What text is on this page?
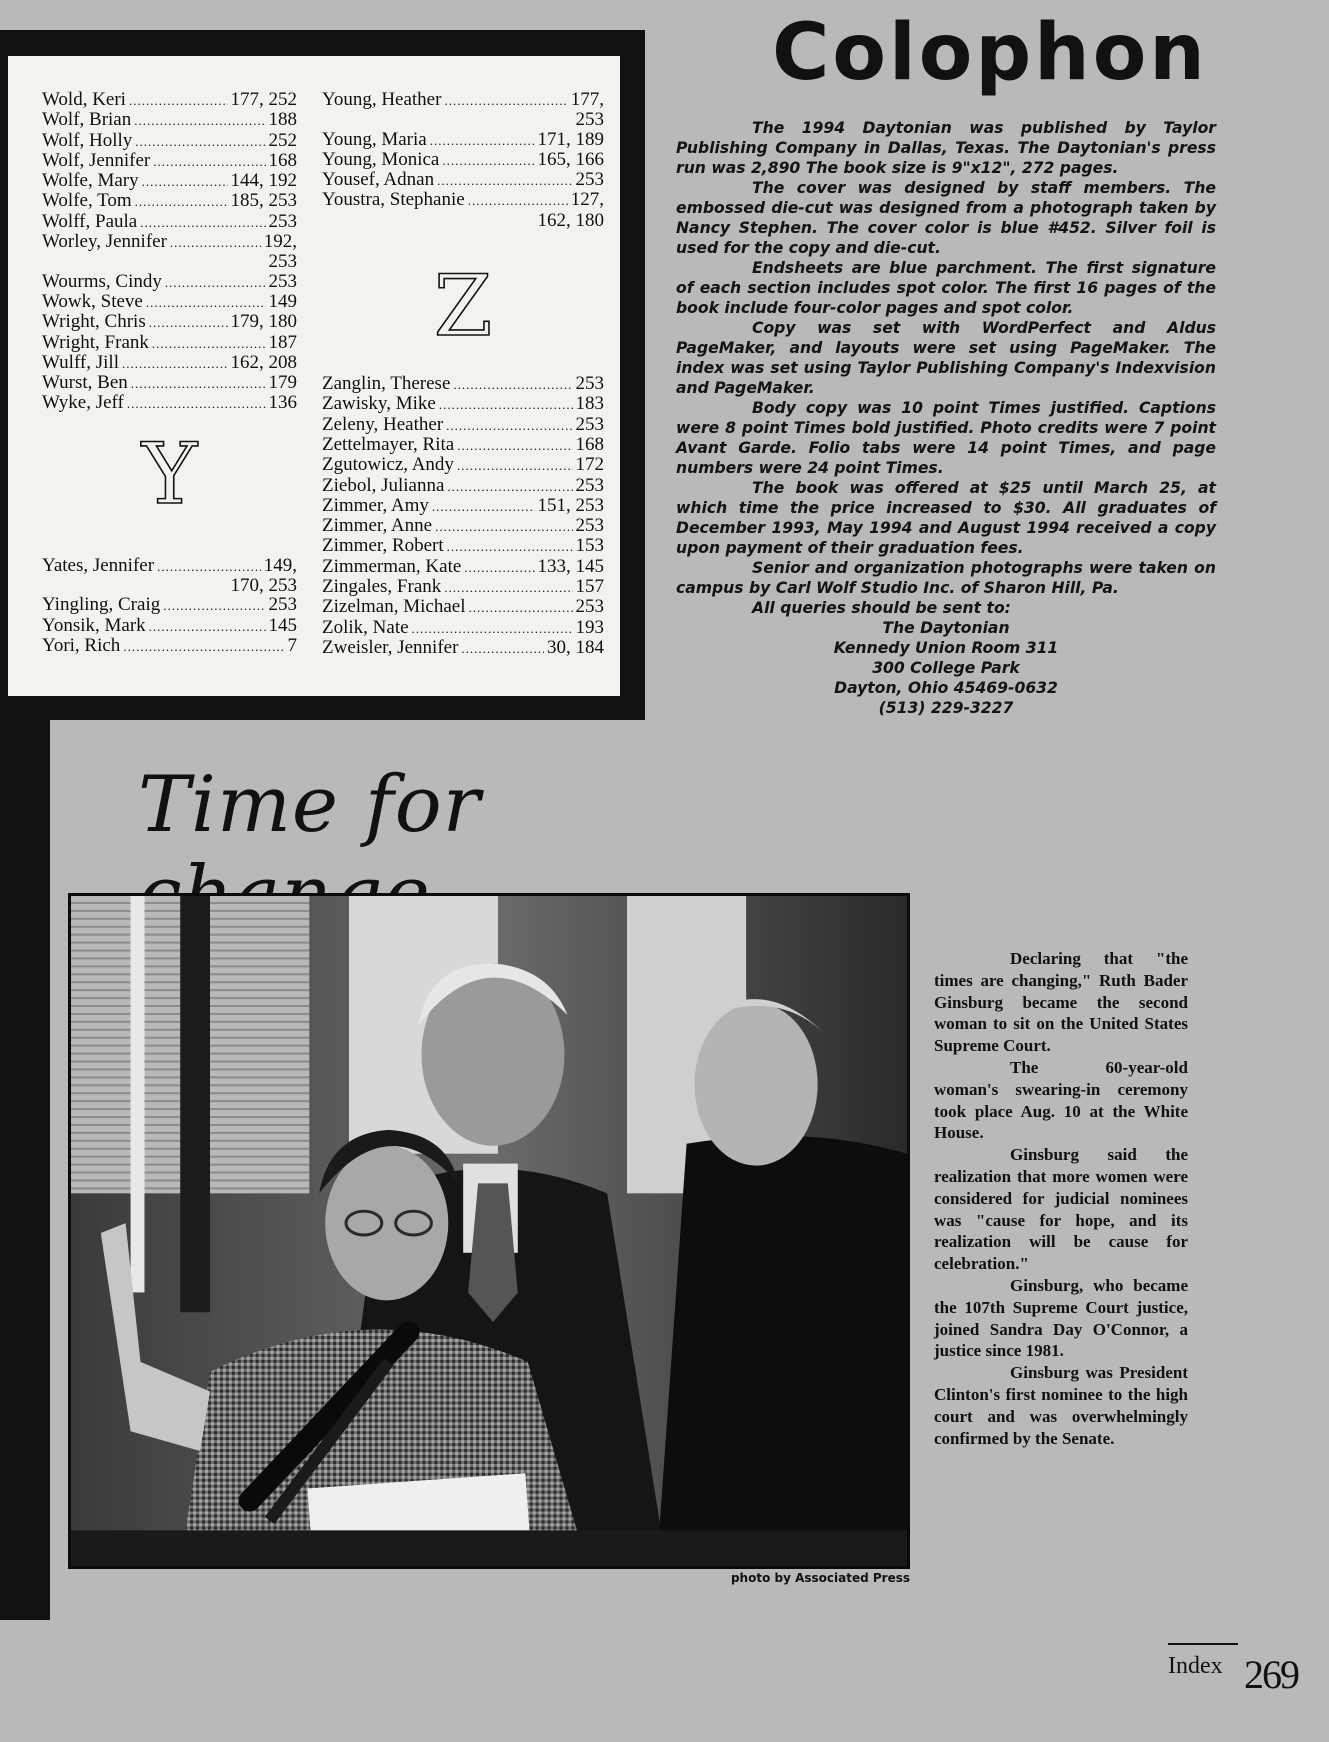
Wold, Keri .....	177, 252
Wolf, Brian .....	188
Wolf, Holly .....	252
Wolf, Jennifer .....	168
Wolfe, Mary .....	144, 192
Wolfe, Tom .....	185, 253
Wolff, Paula .....	253
Worley, Jennifer .....	192,
253
Wourms, Cindy .....	253
Wowk, Steve .....	149
Wright, Chris .....	179, 180
Wright, Frank .....	187
Wulff, Jill .....	162, 208
Wurst, Ben .....	179
Wyke, Jeff .....	136
Y
Yates, Jennifer .....	149,
170, 253
Yingling, Craig .....	253
Yonsik, Mark .....	145
Yori, Rich .....	7
Young, Heather .....	177,
253
Young, Maria .....	171, 189
Young, Monica .....	165, 166
Yousef, Adnan .....	253
Youstra, Stephanie .....	127,
162, 180
Z
Zanglin, Therese .....	253
Zawisky, Mike .....	183
Zeleny, Heather .....	253
Zettelmayer, Rita .....	168
Zgutowicz, Andy .....	172
Ziebol, Julianna .....	253
Zimmer, Amy .....	151, 253
Zimmer, Anne .....	253
Zimmer, Robert .....	153
Zimmerman, Kate .....	133, 145
Zingales, Frank .....	157
Zizelman, Michael .....	253
Zolik, Nate .....	193
Zweisler, Jennifer .....	30, 184
Colophon

The 1994 Daytonian was published by Taylor Publishing Company in Dallas, Texas. The Daytonian's press run was 2,890 The book size is 9"x12", 272 pages.

The cover was designed by staff members. The embossed die-cut was designed from a photograph taken by Nancy Stephen. The cover color is blue #452. Silver foil is used for the copy and die-cut.

Endsheets are blue parchment. The first signature of each section includes spot color. The first 16 pages of the book include four-color pages and spot color.

Copy was set with WordPerfect and Aldus PageMaker, and layouts were set using PageMaker. The index was set using Taylor Publishing Company's Indexvision and PageMaker.

Body copy was 10 point Times justified. Captions were 8 point Times bold justified. Photo credits were 7 point Avant Garde. Folio tabs were 14 point Times, and page numbers were 24 point Times.

The book was offered at $25 until March 25, at which time the price increased to $30. All graduates of December 1993, May 1994 and August 1994 received a copy upon payment of their graduation fees.

Senior and organization photographs were taken on campus by Carl Wolf Studio Inc. of Sharon Hill, Pa.

All queries should be sent to:

The Daytonian
Kennedy Union Room 311
300 College Park
Dayton, Ohio 45469-0632
(513) 229-3227
Time for
photo by Associated Press

Declaring that "the times are changing," Ruth Bader Ginsburg became the second woman to sit on the United States Supreme Court.

The 60-year-old woman's swearing-in ceremony took place Aug. 10 at the White House.

Ginsburg said the realization that more women were considered for judicial nominees was "cause for hope, and its realization will be cause for celebration."

Ginsburg, who became the 107th Supreme Court justice, joined Sandra Day O'Connor, a justice since 1981.

Ginsburg was President Clinton's first nominee to the high court and was overwhelmingly confirmed by the Senate.

Index 269
